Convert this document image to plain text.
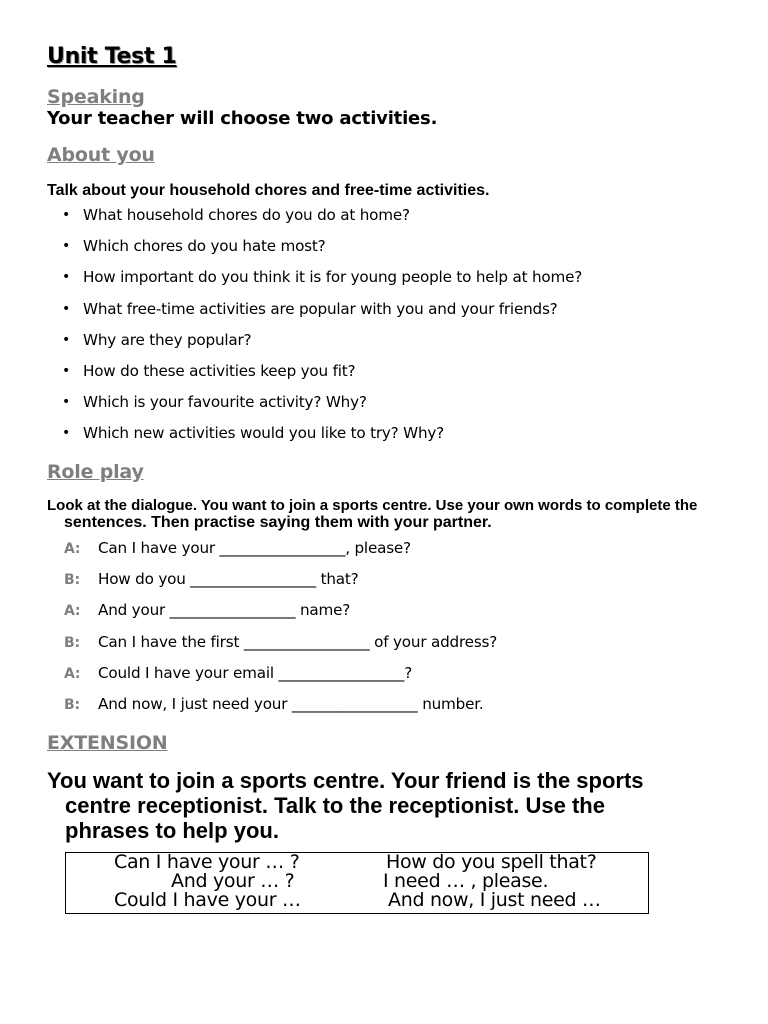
Unit Test 1
Speaking
Your teacher will choose two activities.
About you
Talk about your household chores and free-time activities.
• What household chores do you do at home?
• Which chores do you hate most?
• How important do you think it is for young people to help at home?
• What free-time activities are popular with you and your friends?
• Why are they popular?
• How do these activities keep you fit?
• Which is your favourite activity? Why?
• Which new activities would you like to try? Why?
Role play
Look at the dialogue. You want to join a sports centre. Use your own words to complete the
sentences. Then practise saying them with your partner.
A: Can I have your _________________, please?
B: How do you _________________ that?
A: And your _________________ name?
B: Can I have the first _________________ of your address?
A: Could I have your email _________________?
B: And now, I just need your _________________ number.
EXTENSION
You want to join a sports centre. Your friend is the sports
centre receptionist. Talk to the receptionist. Use the
phrases to help you.
Can I have your … ?	How do you spell that?
And your … ?	I need … , please.
Could I have your …	And now, I just need …
